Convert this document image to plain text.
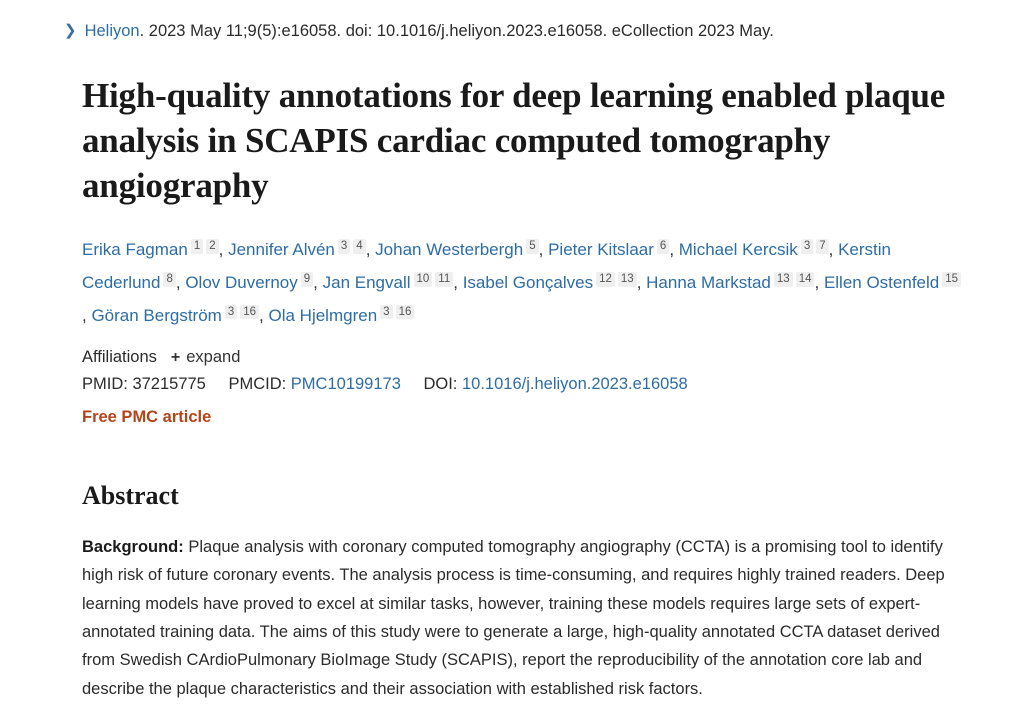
❯ Heliyon. 2023 May 11;9(5):e16058. doi: 10.1016/j.heliyon.2023.e16058. eCollection 2023 May.
High-quality annotations for deep learning enabled plaque analysis in SCAPIS cardiac computed tomography angiography
Erika Fagman 1 2 , Jennifer Alvén 3 4 , Johan Westerbergh 5 , Pieter Kitslaar 6 , Michael Kercsik 3 7 , Kerstin Cederlund 8 , Olov Duvernoy 9 , Jan Engvall 10 11 , Isabel Gonçalves 12 13 , Hanna Markstad 13 14 , Ellen Ostenfeld 15, Göran Bergström 3 16 , Ola Hjelmgren 3 16
Affiliations + expand
PMID: 37215775 PMCID: PMC10199173 DOI: 10.1016/j.heliyon.2023.e16058
Free PMC article
Abstract

Background: Plaque analysis with coronary computed tomography angiography (CCTA) is a promising tool to identify high risk of future coronary events. The analysis process is time-consuming, and requires highly trained readers. Deep learning models have proved to excel at similar tasks, however, training these models requires large sets of expert-annotated training data. The aims of this study were to generate a large, high-quality annotated CCTA dataset derived from Swedish CArdioPulmonary BioImage Study (SCAPIS), report the reproducibility of the annotation core lab and describe the plaque characteristics and their association with established risk factors.
